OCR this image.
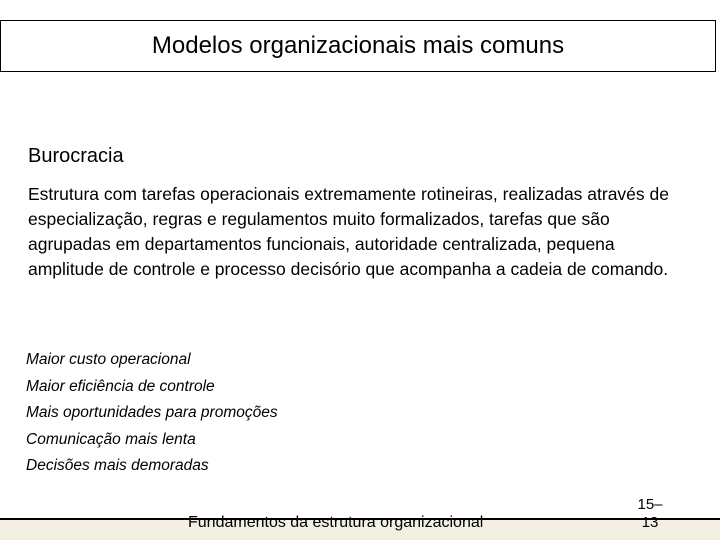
Modelos organizacionais mais comuns
Burocracia
Estrutura com tarefas operacionais extremamente rotineiras, realizadas através de especialização, regras e regulamentos muito formalizados, tarefas que são agrupadas em departamentos funcionais, autoridade centralizada, pequena amplitude de controle e processo decisório que acompanha a cadeia de comando.
Maior custo operacional
Maior eficiência de controle
Mais oportunidades para promoções
Comunicação mais lenta
Decisões mais demoradas
Fundamentos da estrutura organizacional
15–
13
